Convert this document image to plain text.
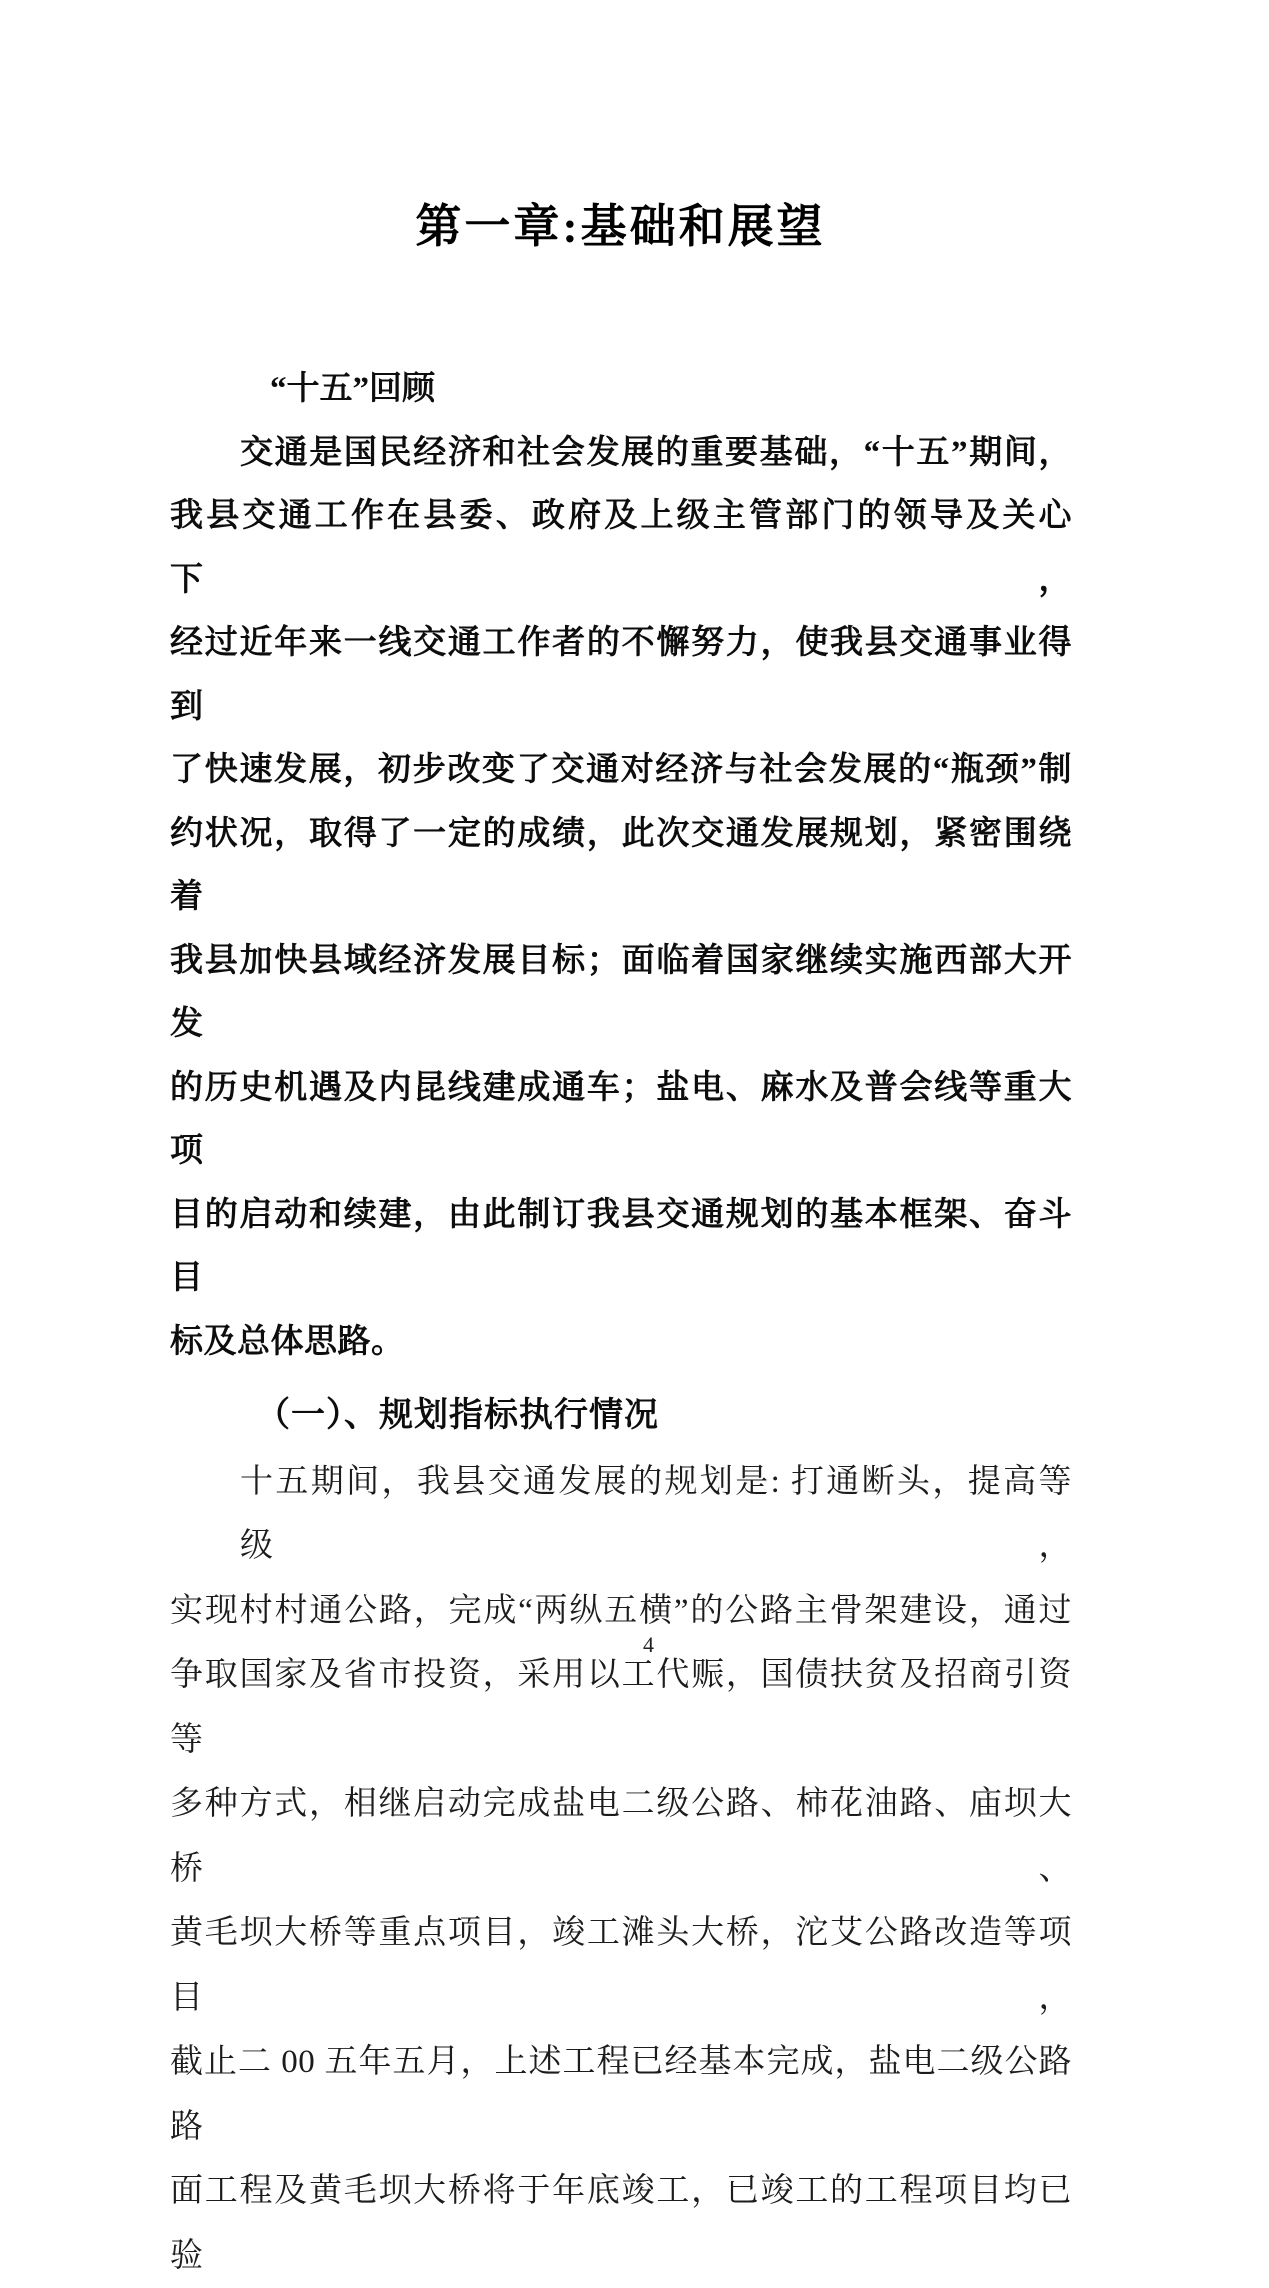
第一章:基础和展望
“十五”回顾
交通是国民经济和社会发展的重要基础，“十五”期间，
我县交通工作在县委、政府及上级主管部门的领导及关心下，
经过近年来一线交通工作者的不懈努力，使我县交通事业得到
了快速发展，初步改变了交通对经济与社会发展的“瓶颈”制
约状况，取得了一定的成绩，此次交通发展规划，紧密围绕着
我县加快县域经济发展目标；面临着国家继续实施西部大开发
的历史机遇及内昆线建成通车；盐电、麻水及普会线等重大项
目的启动和续建，由此制订我县交通规划的基本框架、奋斗目
标及总体思路。
（一）、规划指标执行情况
十五期间，我县交通发展的规划是: 打通断头，提高等级，
实现村村通公路，完成“两纵五横”的公路主骨架建设，通过
争取国家及省市投资，采用以工代赈，国债扶贫及招商引资等
多种方式，相继启动完成盐电二级公路、柿花油路、庙坝大桥、
黄毛坝大桥等重点项目，竣工滩头大桥，沱艾公路改造等项目，
截止二 00 五年五月，上述工程已经基本完成，盐电二级公路路
面工程及黄毛坝大桥将于年底竣工，已竣工的工程项目均已验
4
